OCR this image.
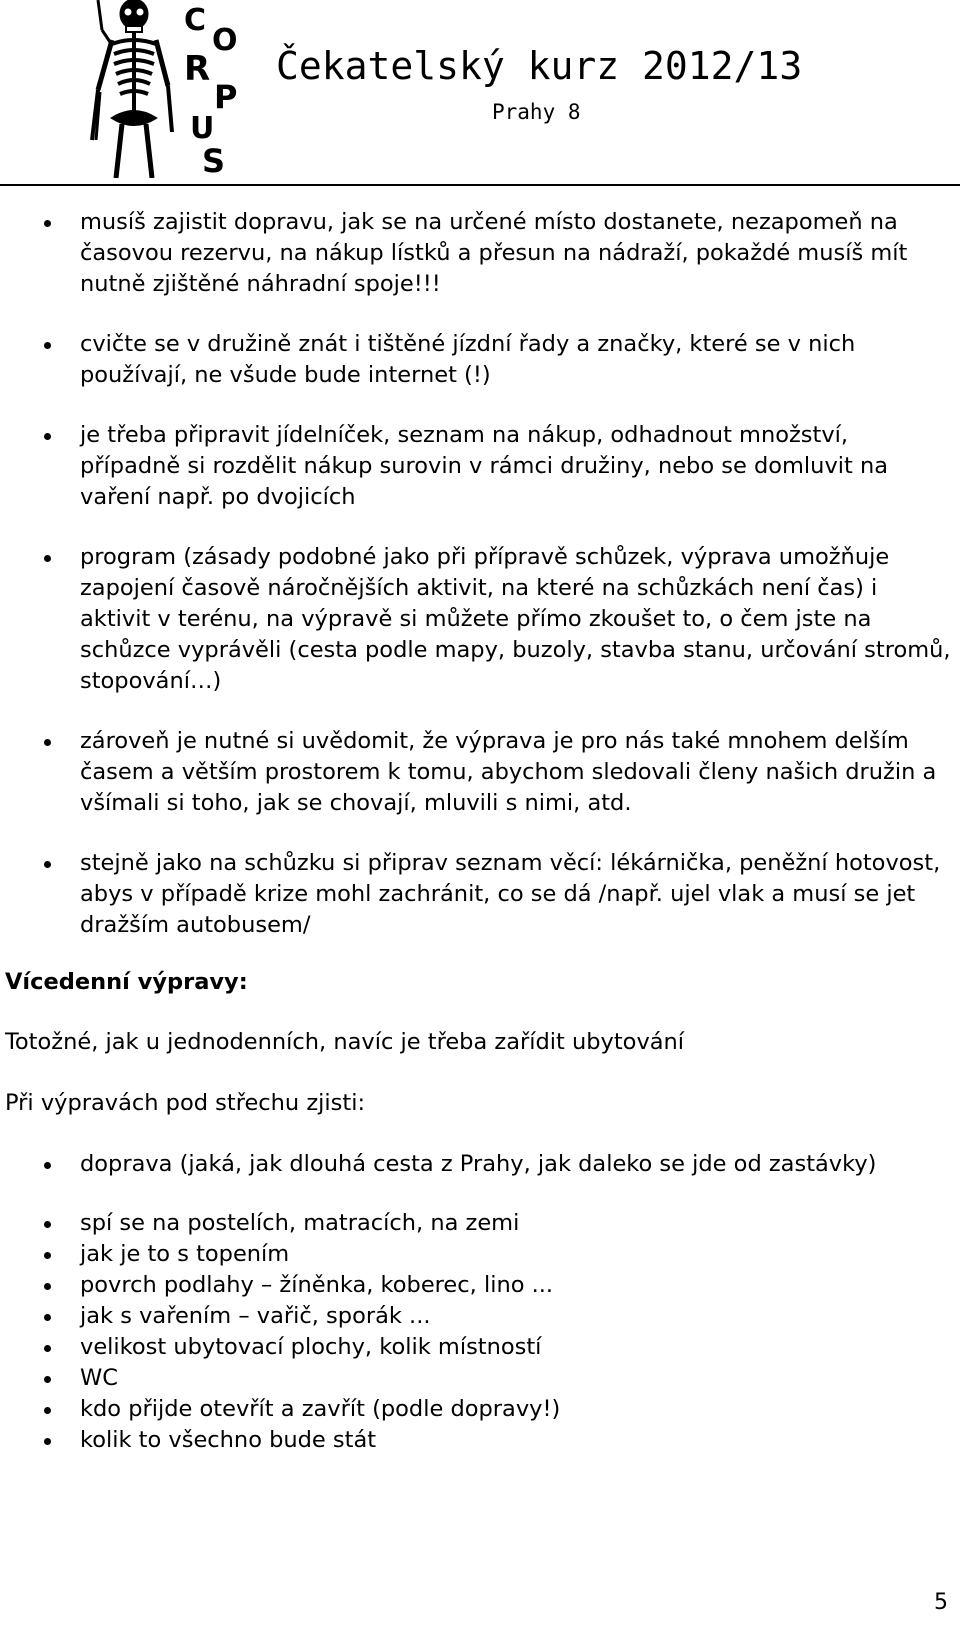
C
O
R
P
U
S
Čekatelský kurz 2012/13
Prahy 8
musíš zajistit dopravu, jak se na určené místo dostanete, nezapomeň na časovou rezervu, na nákup lístků a přesun na nádraží, pokaždé musíš mít nutně zjištěné náhradní spoje!!!
cvičte se v družině znát i tištěné jízdní řady a značky, které se v nich používají, ne všude bude internet (!)
je třeba připravit jídelníček, seznam na nákup, odhadnout množství, případně si rozdělit nákup surovin v rámci družiny, nebo se domluvit na vaření např. po dvojicích
program (zásady podobné jako při přípravě schůzek, výprava umožňuje zapojení časově náročnějších aktivit, na které na schůzkách není čas) i aktivit v terénu, na výpravě si můžete přímo zkoušet to, o čem jste na schůzce vyprávěli (cesta podle mapy, buzoly, stavba stanu, určování stromů, stopování…)
zároveň je nutné si uvědomit, že výprava je pro nás také mnohem delším časem a větším prostorem k tomu, abychom sledovali členy našich družin a všímali si toho, jak se chovají, mluvili s nimi, atd.
stejně jako na schůzku si připrav seznam věcí: lékárnička, peněžní hotovost, abys v případě krize mohl zachránit, co se dá /např. ujel vlak a musí se jet dražším autobusem/
Vícedenní výpravy:
Totožné, jak u jednodenních, navíc je třeba zařídit ubytování
Při výpravách pod střechu zjisti:
doprava (jaká, jak dlouhá cesta z Prahy, jak daleko se jde od zastávky)
spí se na postelích, matracích, na zemi
jak je to s topením
povrch podlahy – žíněnka, koberec, lino ...
jak s vařením – vařič, sporák ...
velikost ubytovací plochy, kolik místností
WC
kdo přijde otevřít a zavřít (podle dopravy!)
kolik to všechno bude stát
5
